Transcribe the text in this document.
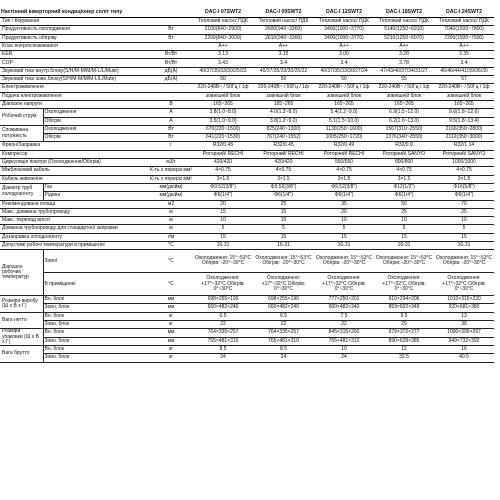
Настінний інверторний кондиціонер спліт типу			DAC-I 07SWT2	DAC-I 09SWT2	DAC-I 12SWT2	DAC-I 18SWT2	DAC-I 24SWT2
Тип / Керування			Тепловий насос/ ПДК	Тепловий насос/ ПДК	Тепловий насос/ ПДК	Тепловий насос/ ПДК	Тепловий насос/ ПДК
Продуктивність охолодження		Вт	2100(840~2900)	2600(940~3360)	3400(1000~3770)	5140(1250~6910)	7040(1500~7800)
Продуктивність обігріву		Вт	2200(840~3000)	2610(940~3360)	3400(1000~3770)	5210(1250~6070)	7200(1500~7500)
Клас енергоспоживання			A++	A++	A++	A++	A++
EER		Вт/Вт	3.13	3.15	3.00	3.28	3.35
COP		Вт/Вт	3.43	3.4	3.4	3.78	3.4
Звуковий тиск внутр.блоку(S/H/M-M/M/M-L/L/Mute)		дБ(A)	40/37/35/33/30/25/22	40/37/35/33/30/25/22	40/37/35/33/30/27/24	47/43/40/37/34/31/27	46/46/44/41/39/36/30
Звуковий тиск зовн.блоку(S/H/M-M/M/M-L/L/Mute)		дБ(A)	50	50	50	55	57
Електроживлення			220-240В~ / 50Гц / 1ф	220-240В~ / 50Гц / 1ф	220-240В~ / 50Гц / 1ф	220-240В~ / 50Гц / 1ф	220-240В~ / 50Гц / 1ф
Подача електроживлення			зовнішній блок	зовнішній блок	зовнішній блок	зовнішній блок	зовнішній блок
Діапазон напруги		В	165~265	165~265	165~265	165~265	165~265
Робочий струм	Охолодження	А	3.8(1.0~8.0)	4.0(1.2~8.0)	5.4(1.2~9.0)	6.9(1.5~12.0)	9.6(1.8~12.6)
	Обігрів	А	3.5(1.0~9.0)	3.8(1.2~9.0)	5.1(1.5~10.0)	6.2(1.6~13.0)	9.5(1.8~13.4)
Споживана потужність	Охолодження	Вт	670(220~1500)	825(240~1300)	1130(250~1600)	1567(310~2550)	2166(350~2800)
	Обігрів	Вт	641(220~1530)	767(240~1552)	1005(250~1720)	1376(340~2550)	2112(350~3000)
Фреон/Заправка		г	R32/0.45	R32/0.45	R32/0.49	R32/0.9	R32/1.14
Компресор			Роторний/ RECHI	Роторний/ RECHI	Роторний/ RECHI	Роторний/ SANYO	Роторний/ SANYO
Циркуляція повітря (Охолодження/Обігрів)		м3/г	420/420	420/420	550/650	800/800	1000/1000
Міжблоковий кабель		К-ть x переріз мм²	4×0.75	4×0.75	4×0.75	4×0.75	4×0.75
Кабель живлення		К-ть x переріз мм²	3×1.5	3×1.5	3×1.5	3×1.5	3×1.5
Діаметр труб холодоагенту	Газ	мм(дюйм)	Φ9.52(3/8")	Φ9.52(3/8")	Φ9.52(3/8")	Φ12(1/2")	Φ16(5/8")
	Рідина	мм(дюйм)	Φ6(1/4")	Φ6(1/4")	Φ6(1/4")	Φ6(1/4")	Φ6(1/4")
Рекомендована площа		м2	20	25	35	50	70
Макс. довжина трубопроводу		м	15	15	20	25	25
Макс. перепад висот		м	10	10	10	10	10
Довжина трубопроводу для стандартної заправки		м	5	5	5	5	5
Дозаправка холодоагенту		г/м	15	15	15	15	15
Допустимі робочі температури в приміщенні		°C	16-31	16-31	16-31	16-31	16-31
Діапазон робочих температур	Зовні	°C	Охолодження: 15°~53°C Обігрів: -20°~30°C	Охолодження: 15°~53°C Обігрів: -20°~30°C	Охолодження: 15°~53°C Обігрів: -20°~30°C	Охолодження: 15°~53°C Обігрів: -20°~30°C	Охолодження: 15°~53°C Обігрів: -20°~30°C
	В приміщенні	°C	Охолодження: +17°~32°C Обігрів: 0°~30°C	Охолодження: +17°~32°C Обігрів: 0°~30°C	Охолодження: +17°~32°C Обігрів: 0°~30°C	Охолодження: +17°~32°C Обігрів: 0°~30°C	Охолодження: +17°~32°C Обігрів: 0°~30°C
Розміри виробу (Ш х В х Г)	Вн. блок	мм	698×255×190	698×255×190	777×250×201	910×294×206	1010×315×220
	Зовн. блок	мм	660×482×240	660×482×240	660×482×240	853×602×349	920×681×380
Вага нетто	Вн. блок	кг	6.5	6.5	7.5	9.5	13
	Зовн. блок	кг	22	22	22	29	38
Розміри упаковки (Ш х В х Г)	Вн. блок	мм	764×335×257	764×335×257	845×315×260	979×372×277	1090×395×297
	Зовн. блок	мм	765×481×310	765×481×310	765×481×310	890×628×385	949×732×392
Вага брутто	Вн. блок	кг	8.5	8.5	10	12	16
	Зовн. блок	кг	24	24	24	32.5	40.5
